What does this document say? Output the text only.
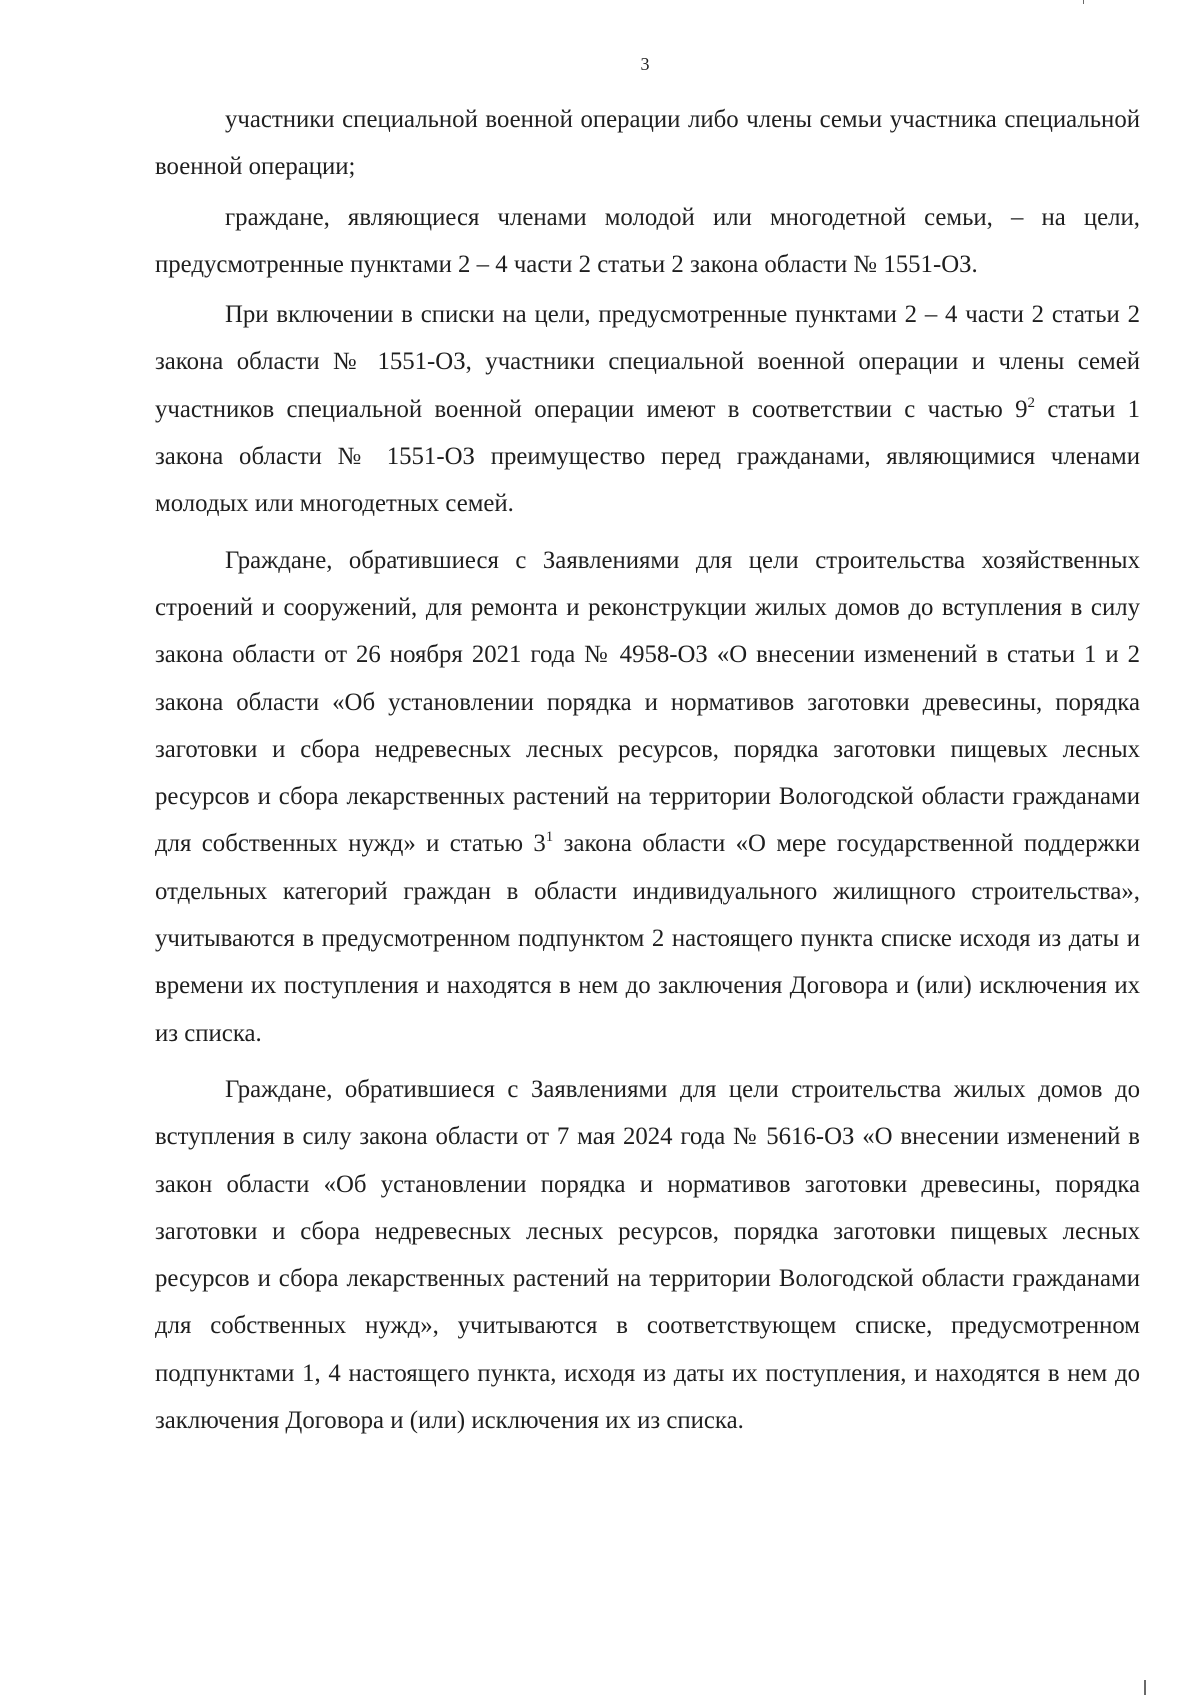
3

участники специальной военной операции либо члены семьи участника специальной военной операции;

граждане, являющиеся членами молодой или многодетной семьи, – на цели, предусмотренные пунктами 2 – 4 части 2 статьи 2 закона области № 1551-ОЗ.

При включении в списки на цели, предусмотренные пунктами 2 – 4 части 2 статьи 2 закона области № 1551-ОЗ, участники специальной военной операции и члены семей участников специальной военной операции имеют в соответствии с частью $9^2$ статьи 1 закона области № 1551-ОЗ преимущество перед гражданами, являющимися членами молодых или многодетных семей.

Граждане, обратившиеся с Заявлениями для цели строительства хозяйственных строений и сооружений, для ремонта и реконструкции жилых домов до вступления в силу закона области от 26 ноября 2021 года № 4958-ОЗ «О внесении изменений в статьи 1 и 2 закона области «Об установлении порядка и нормативов заготовки древесины, порядка заготовки и сбора недревесных лесных ресурсов, порядка заготовки пищевых лесных ресурсов и сбора лекарственных растений на территории Вологодской области гражданами для собственных нужд» и статью $3^1$ закона области «О мере государственной поддержки отдельных категорий граждан в области индивидуального жилищного строительства», учитываются в предусмотренном подпунктом 2 настоящего пункта списке исходя из даты и времени их поступления и находятся в нем до заключения Договора и (или) исключения их из списка.

Граждане, обратившиеся с Заявлениями для цели строительства жилых домов до вступления в силу закона области от 7 мая 2024 года № 5616-ОЗ «О внесении изменений в закон области «Об установлении порядка и нормативов заготовки древесины, порядка заготовки и сбора недревесных лесных ресурсов, порядка заготовки пищевых лесных ресурсов и сбора лекарственных растений на территории Вологодской области гражданами для собственных нужд», учитываются в соответствующем списке, предусмотренном подпунктами 1, 4 настоящего пункта, исходя из даты их поступления, и находятся в нем до заключения Договора и (или) исключения их из списка.
